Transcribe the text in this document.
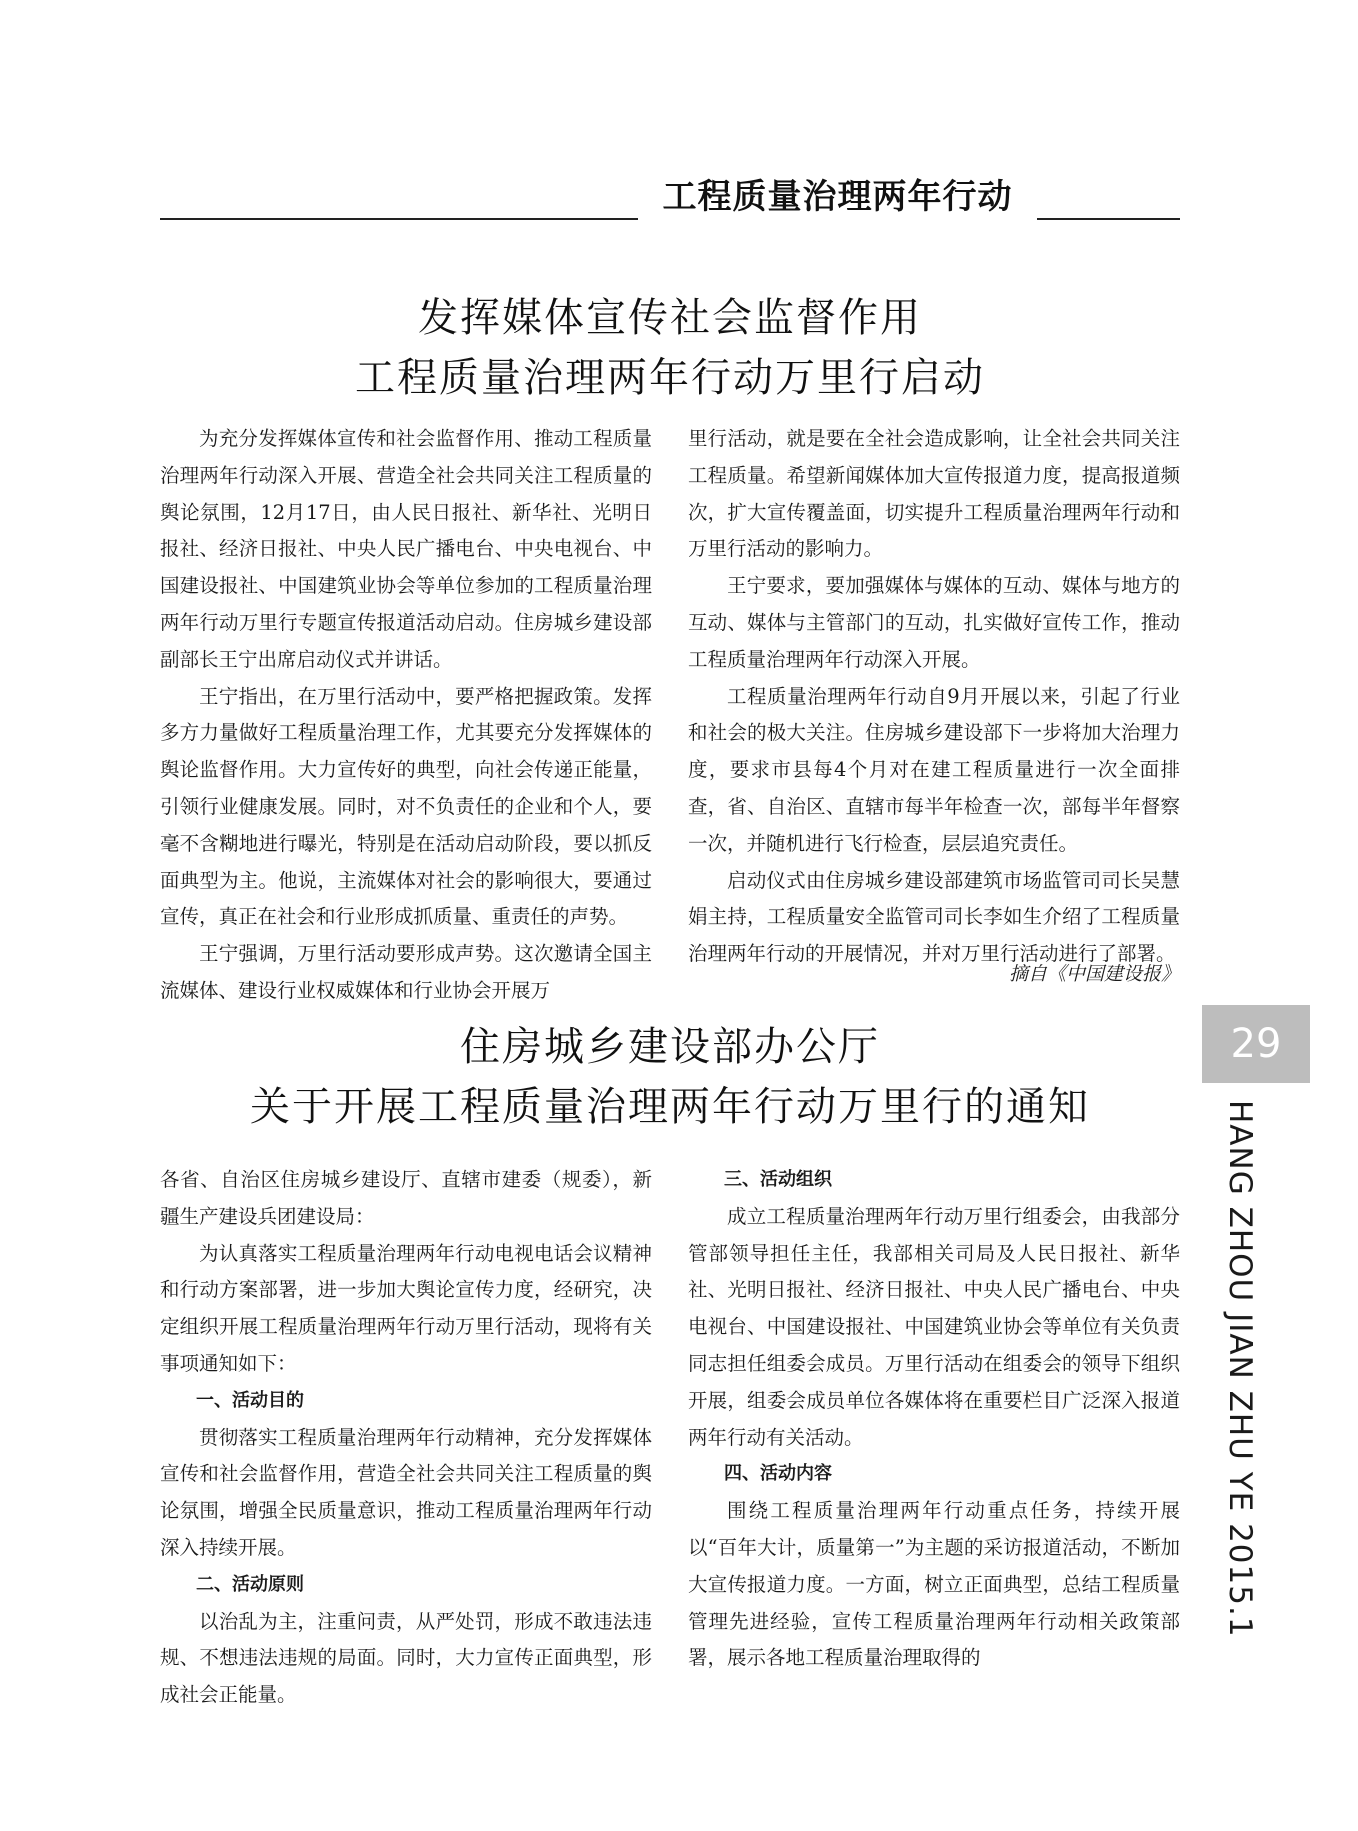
工程质量治理两年行动
发挥媒体宣传社会监督作用
工程质量治理两年行动万里行启动

为充分发挥媒体宣传和社会监督作用、推动工程质量治理两年行动深入开展、营造全社会共同关注工程质量的舆论氛围，12月17日，由人民日报社、新华社、光明日报社、经济日报社、中央人民广播电台、中央电视台、中国建设报社、中国建筑业协会等单位参加的工程质量治理两年行动万里行专题宣传报道活动启动。住房城乡建设部副部长王宁出席启动仪式并讲话。

王宁指出，在万里行活动中，要严格把握政策。发挥多方力量做好工程质量治理工作，尤其要充分发挥媒体的舆论监督作用。大力宣传好的典型，向社会传递正能量，引领行业健康发展。同时，对不负责任的企业和个人，要毫不含糊地进行曝光，特别是在活动启动阶段，要以抓反面典型为主。他说，主流媒体对社会的影响很大，要通过宣传，真正在社会和行业形成抓质量、重责任的声势。

王宁强调，万里行活动要形成声势。这次邀请全国主流媒体、建设行业权威媒体和行业协会开展万

里行活动，就是要在全社会造成影响，让全社会共同关注工程质量。希望新闻媒体加大宣传报道力度，提高报道频次，扩大宣传覆盖面，切实提升工程质量治理两年行动和万里行活动的影响力。

王宁要求，要加强媒体与媒体的互动、媒体与地方的互动、媒体与主管部门的互动，扎实做好宣传工作，推动工程质量治理两年行动深入开展。

工程质量治理两年行动自9月开展以来，引起了行业和社会的极大关注。住房城乡建设部下一步将加大治理力度，要求市县每4个月对在建工程质量进行一次全面排查，省、自治区、直辖市每半年检查一次，部每半年督察一次，并随机进行飞行检查，层层追究责任。

启动仪式由住房城乡建设部建筑市场监管司司长吴慧娟主持，工程质量安全监管司司长李如生介绍了工程质量治理两年行动的开展情况，并对万里行活动进行了部署。

摘自《中国建设报》
住房城乡建设部办公厅
关于开展工程质量治理两年行动万里行的通知

各省、自治区住房城乡建设厅、直辖市建委（规委），新疆生产建设兵团建设局：

为认真落实工程质量治理两年行动电视电话会议精神和行动方案部署，进一步加大舆论宣传力度，经研究，决定组织开展工程质量治理两年行动万里行活动，现将有关事项通知如下：

一、活动目的

贯彻落实工程质量治理两年行动精神，充分发挥媒体宣传和社会监督作用，营造全社会共同关注工程质量的舆论氛围，增强全民质量意识，推动工程质量治理两年行动深入持续开展。

二、活动原则

以治乱为主，注重问责，从严处罚，形成不敢违法违规、不想违法违规的局面。同时，大力宣传正面典型，形成社会正能量。

三、活动组织

成立工程质量治理两年行动万里行组委会，由我部分管部领导担任主任，我部相关司局及人民日报社、新华社、光明日报社、经济日报社、中央人民广播电台、中央电视台、中国建设报社、中国建筑业协会等单位有关负责同志担任组委会成员。万里行活动在组委会的领导下组织开展，组委会成员单位各媒体将在重要栏目广泛深入报道两年行动有关活动。

四、活动内容

围绕工程质量治理两年行动重点任务，持续开展以“百年大计，质量第一”为主题的采访报道活动，不断加大宣传报道力度。一方面，树立正面典型，总结工程质量管理先进经验，宣传工程质量治理两年行动相关政策部署，展示各地工程质量治理取得的

29
HANG ZHOU JIAN ZHU YE 2015.1
